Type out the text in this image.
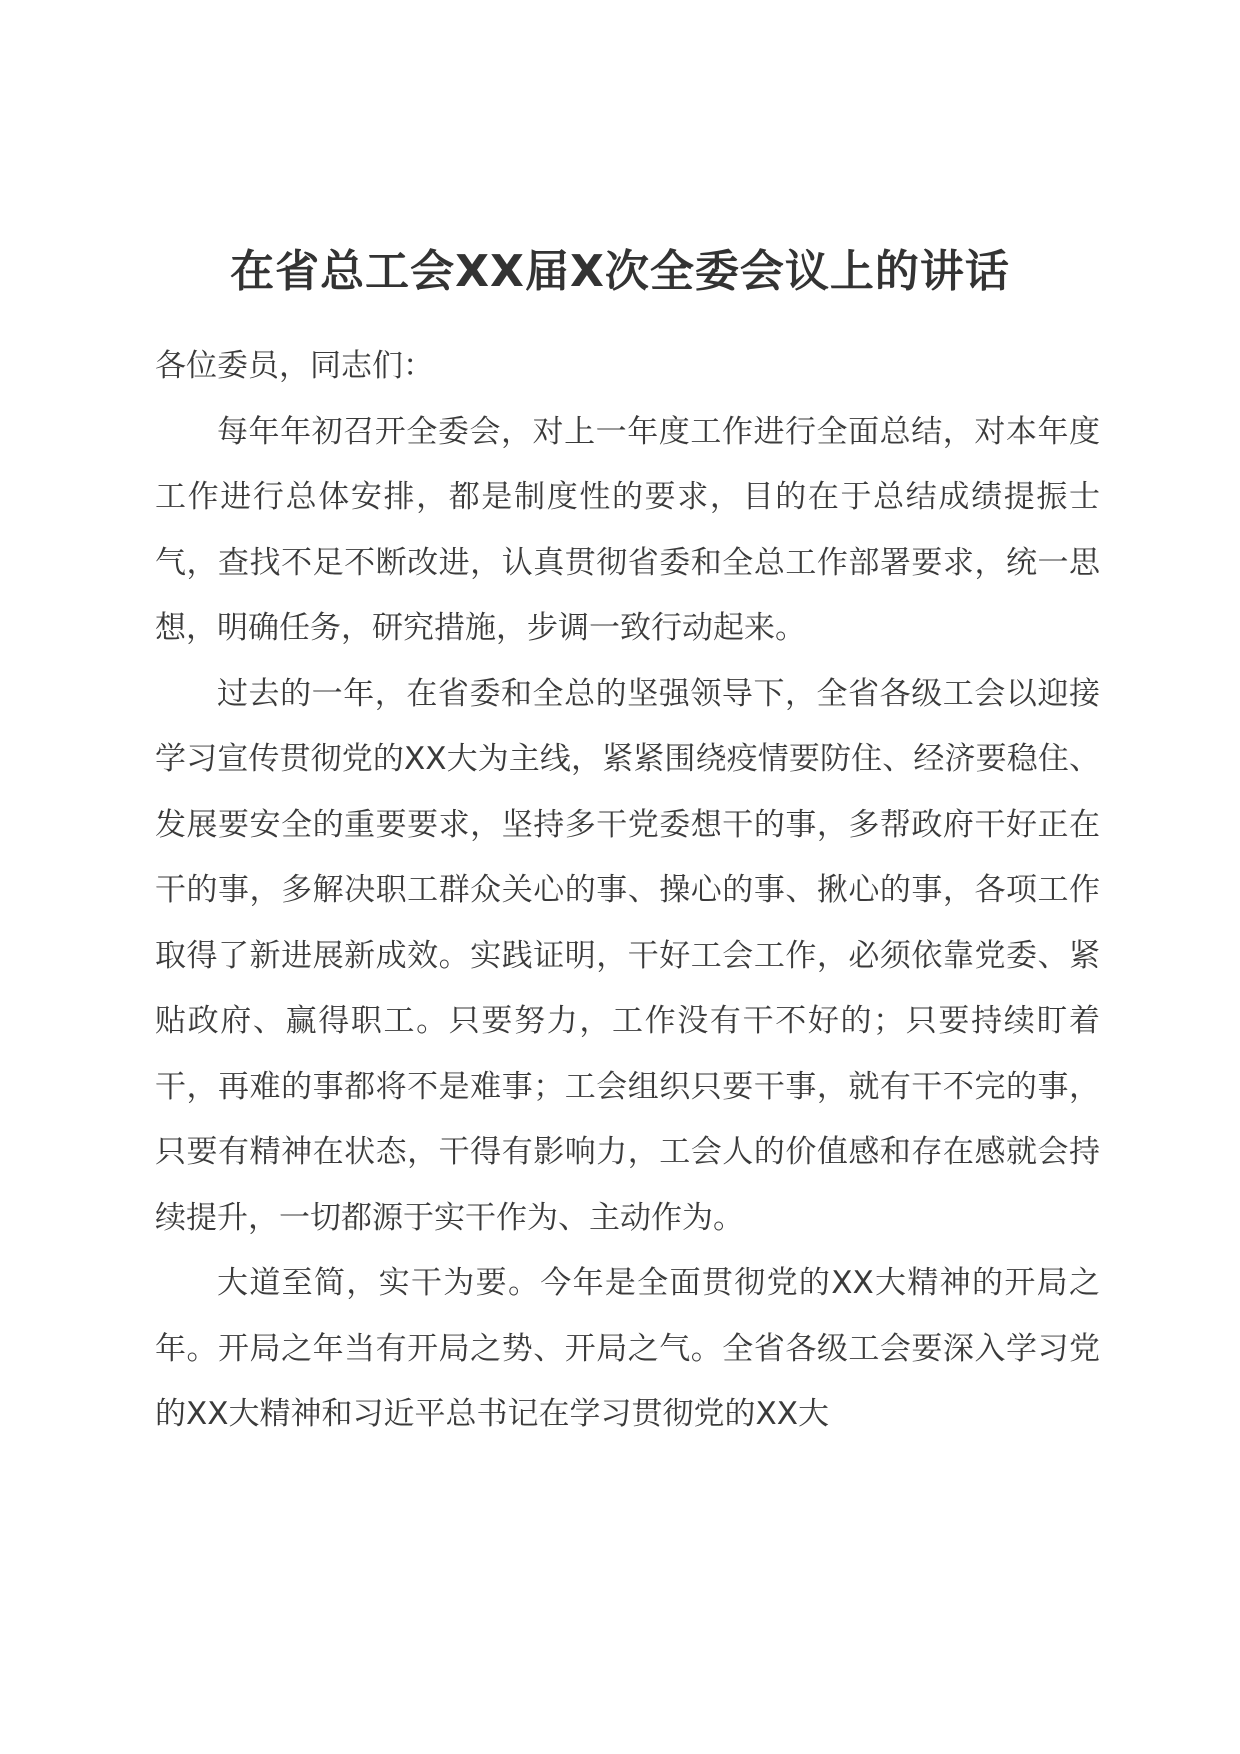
在省总工会XX届X次全委会议上的讲话

各位委员，同志们：

每年年初召开全委会，对上一年度工作进行全面总结，对本年度工作进行总体安排，都是制度性的要求，目的在于总结成绩提振士气，查找不足不断改进，认真贯彻省委和全总工作部署要求，统一思想，明确任务，研究措施，步调一致行动起来。

过去的一年，在省委和全总的坚强领导下，全省各级工会以迎接学习宣传贯彻党的XX大为主线，紧紧围绕疫情要防住、经济要稳住、发展要安全的重要要求，坚持多干党委想干的事，多帮政府干好正在干的事，多解决职工群众关心的事、操心的事、揪心的事，各项工作取得了新进展新成效。实践证明，干好工会工作，必须依靠党委、紧贴政府、赢得职工。只要努力，工作没有干不好的；只要持续盯着干，再难的事都将不是难事；工会组织只要干事，就有干不完的事，只要有精神在状态，干得有影响力，工会人的价值感和存在感就会持续提升，一切都源于实干作为、主动作为。

大道至简，实干为要。今年是全面贯彻党的XX大精神的开局之年。开局之年当有开局之势、开局之气。全省各级工会要深入学习党的XX大精神和习近平总书记在学习贯彻党的XX大
